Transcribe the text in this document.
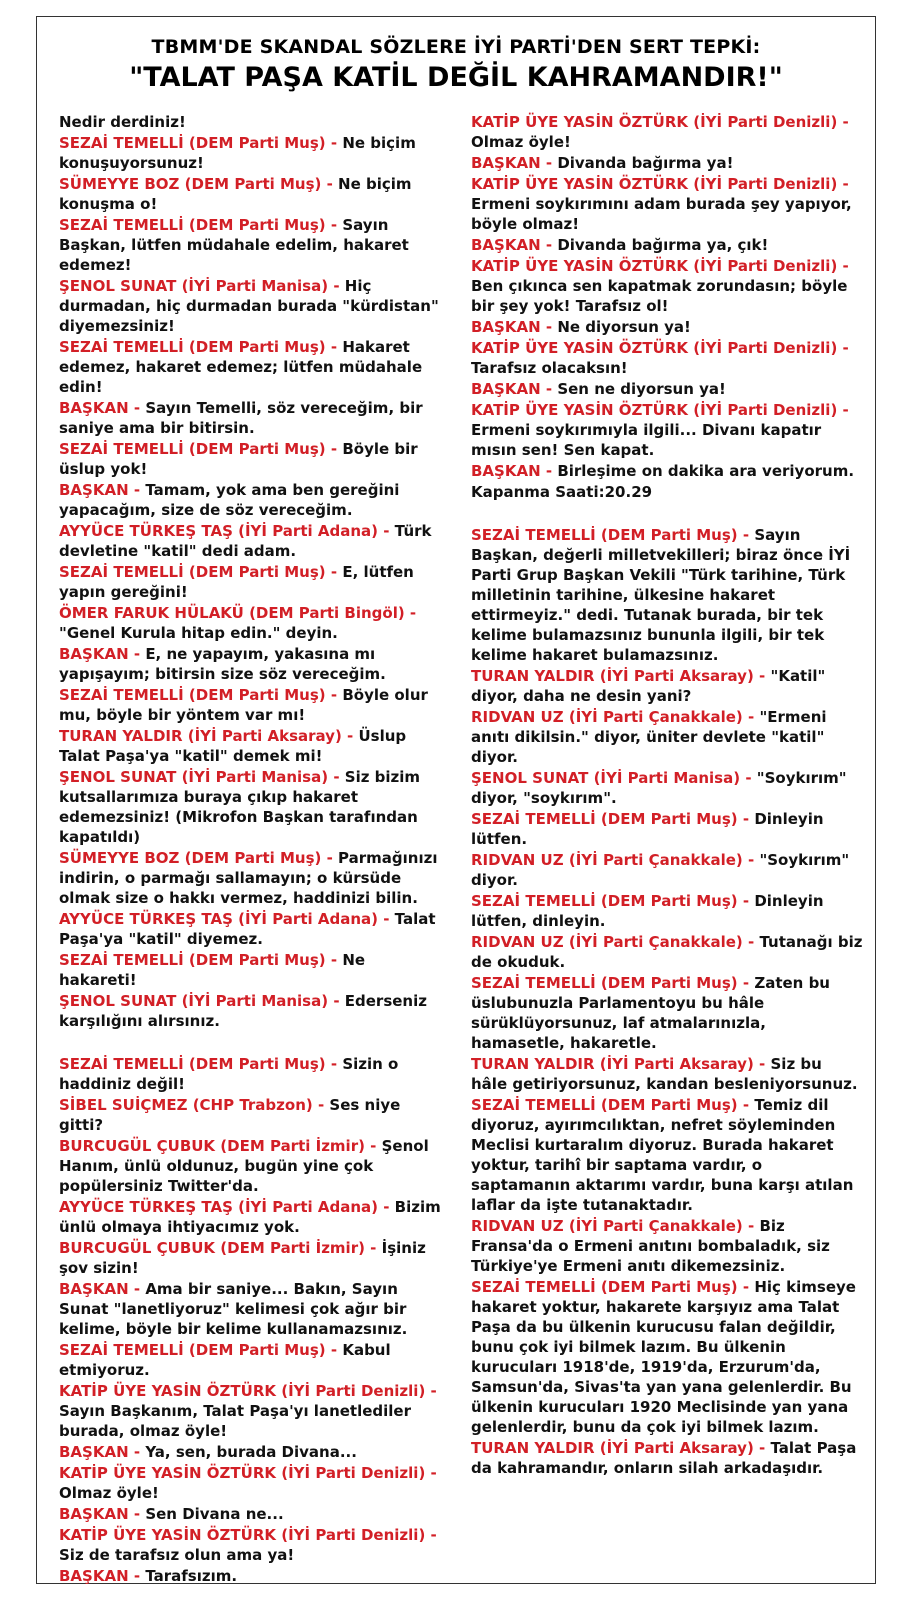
TBMM'DE SKANDAL SÖZLERE İYİ PARTİ'DEN SERT TEPKİ:
"TALAT PAŞA KATİL DEĞİL KAHRAMANDIR!"

Nedir derdiniz!

SEZAİ TEMELLİ (DEM Parti Muş) - Ne biçim konuşuyorsunuz!

SÜMEYYE BOZ (DEM Parti Muş) - Ne biçim konuşma o!

SEZAİ TEMELLİ (DEM Parti Muş) - Sayın Başkan, lütfen müdahale edelim, hakaret edemez!

ŞENOL SUNAT (İYİ Parti Manisa) - Hiç durmadan, hiç durmadan burada "kürdistan" diyemezsiniz!

SEZAİ TEMELLİ (DEM Parti Muş) - Hakaret edemez, hakaret edemez; lütfen müdahale edin!

BAŞKAN - Sayın Temelli, söz vereceğim, bir saniye ama bir bitirsin.

SEZAİ TEMELLİ (DEM Parti Muş) - Böyle bir üslup yok!

BAŞKAN - Tamam, yok ama ben gereğini yapacağım, size de söz vereceğim.

AYYÜCE TÜRKEŞ TAŞ (İYİ Parti Adana) - Türk devletine "katil" dedi adam.

SEZAİ TEMELLİ (DEM Parti Muş) - E, lütfen yapın gereğini!

ÖMER FARUK HÜLAKÜ (DEM Parti Bingöl) - "Genel Kurula hitap edin." deyin.

BAŞKAN - E, ne yapayım, yakasına mı yapışayım; bitirsin size söz vereceğim.

SEZAİ TEMELLİ (DEM Parti Muş) - Böyle olur mu, böyle bir yöntem var mı!

TURAN YALDIR (İYİ Parti Aksaray) - Üslup Talat Paşa'ya "katil" demek mi!

ŞENOL SUNAT (İYİ Parti Manisa) - Siz bizim kutsallarımıza buraya çıkıp hakaret edemezsiniz! (Mikrofon Başkan tarafından kapatıldı)

SÜMEYYE BOZ (DEM Parti Muş) - Parmağınızı indirin, o parmağı sallamayın; o kürsüde olmak size o hakkı vermez, haddinizi bilin.

AYYÜCE TÜRKEŞ TAŞ (İYİ Parti Adana) - Talat Paşa'ya "katil" diyemez.

SEZAİ TEMELLİ (DEM Parti Muş) - Ne hakareti!

ŞENOL SUNAT (İYİ Parti Manisa) - Ederseniz karşılığını alırsınız.

SEZAİ TEMELLİ (DEM Parti Muş) - Sizin o haddiniz değil!

SİBEL SUİÇMEZ (CHP Trabzon) - Ses niye gitti?

BURCUGÜL ÇUBUK (DEM Parti İzmir) - Şenol Hanım, ünlü oldunuz, bugün yine çok popülersiniz Twitter'da.

AYYÜCE TÜRKEŞ TAŞ (İYİ Parti Adana) - Bizim ünlü olmaya ihtiyacımız yok.

BURCUGÜL ÇUBUK (DEM Parti İzmir) - İşiniz şov sizin!

BAŞKAN - Ama bir saniye... Bakın, Sayın Sunat "lanetliyoruz" kelimesi çok ağır bir kelime, böyle bir kelime kullanamazsınız.

SEZAİ TEMELLİ (DEM Parti Muş) - Kabul etmiyoruz.

KATİP ÜYE YASİN ÖZTÜRK (İYİ Parti Denizli) - Sayın Başkanım, Talat Paşa'yı lanetlediler burada, olmaz öyle!

BAŞKAN - Ya, sen, burada Divana...

KATİP ÜYE YASİN ÖZTÜRK (İYİ Parti Denizli) - Olmaz öyle!

BAŞKAN - Sen Divana ne...

KATİP ÜYE YASİN ÖZTÜRK (İYİ Parti Denizli) - Siz de tarafsız olun ama ya!

BAŞKAN - Tarafsızım.

KATİP ÜYE YASİN ÖZTÜRK (İYİ Parti Denizli) - Olmaz öyle!

BAŞKAN - Divanda bağırma ya!

KATİP ÜYE YASİN ÖZTÜRK (İYİ Parti Denizli) - Ermeni soykırımını adam burada şey yapıyor, böyle olmaz!

BAŞKAN - Divanda bağırma ya, çık!

KATİP ÜYE YASİN ÖZTÜRK (İYİ Parti Denizli) - Ben çıkınca sen kapatmak zorundasın; böyle bir şey yok! Tarafsız ol!

BAŞKAN - Ne diyorsun ya!

KATİP ÜYE YASİN ÖZTÜRK (İYİ Parti Denizli) - Tarafsız olacaksın!

BAŞKAN - Sen ne diyorsun ya!

KATİP ÜYE YASİN ÖZTÜRK (İYİ Parti Denizli) - Ermeni soykırımıyla ilgili... Divanı kapatır mısın sen! Sen kapat.

BAŞKAN - Birleşime on dakika ara veriyorum.

Kapanma Saati:20.29

SEZAİ TEMELLİ (DEM Parti Muş) - Sayın Başkan, değerli milletvekilleri; biraz önce İYİ Parti Grup Başkan Vekili "Türk tarihine, Türk milletinin tarihine, ülkesine hakaret ettirmeyiz." dedi. Tutanak burada, bir tek kelime bulamazsınız bununla ilgili, bir tek kelime hakaret bulamazsınız.

TURAN YALDIR (İYİ Parti Aksaray) - "Katil" diyor, daha ne desin yani?

RIDVAN UZ (İYİ Parti Çanakkale) - "Ermeni anıtı dikilsin." diyor, üniter devlete "katil" diyor.

ŞENOL SUNAT (İYİ Parti Manisa) - "Soykırım" diyor, "soykırım".

SEZAİ TEMELLİ (DEM Parti Muş) - Dinleyin lütfen.

RIDVAN UZ (İYİ Parti Çanakkale) - "Soykırım" diyor.

SEZAİ TEMELLİ (DEM Parti Muş) - Dinleyin lütfen, dinleyin.

RIDVAN UZ (İYİ Parti Çanakkale) - Tutanağı biz de okuduk.

SEZAİ TEMELLİ (DEM Parti Muş) - Zaten bu üslubunuzla Parlamentoyu bu hâle sürüklüyorsunuz, laf atmalarınızla, hamasetle, hakaretle.

TURAN YALDIR (İYİ Parti Aksaray) - Siz bu hâle getiriyorsunuz, kandan besleniyorsunuz.

SEZAİ TEMELLİ (DEM Parti Muş) - Temiz dil diyoruz, ayırımcılıktan, nefret söyleminden Meclisi kurtaralım diyoruz. Burada hakaret yoktur, tarihî bir saptama vardır, o saptamanın aktarımı vardır, buna karşı atılan laflar da işte tutanaktadır.

RIDVAN UZ (İYİ Parti Çanakkale) - Biz Fransa'da o Ermeni anıtını bombaladık, siz Türkiye'ye Ermeni anıtı dikemezsiniz.

SEZAİ TEMELLİ (DEM Parti Muş) - Hiç kimseye hakaret yoktur, hakarete karşıyız ama Talat Paşa da bu ülkenin kurucusu falan değildir, bunu çok iyi bilmek lazım. Bu ülkenin kurucuları 1918'de, 1919'da, Erzurum'da, Samsun'da, Sivas'ta yan yana gelenlerdir. Bu ülkenin kurucuları 1920 Meclisinde yan yana gelenlerdir, bunu da çok iyi bilmek lazım.

TURAN YALDIR (İYİ Parti Aksaray) - Talat Paşa da kahramandır, onların silah arkadaşıdır.
